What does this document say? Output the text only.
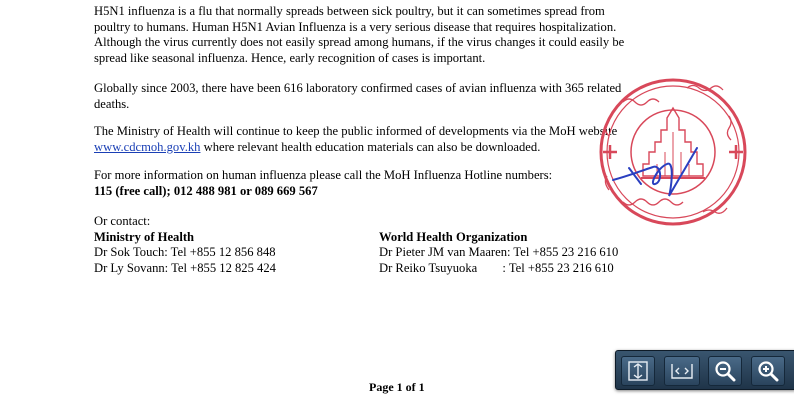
H5N1 influenza is a flu that normally spreads between sick poultry, but it can sometimes spread from
poultry to humans. Human H5N1 Avian Influenza is a very serious disease that requires hospitalization.
Although the virus currently does not easily spread among humans, if the virus changes it could easily be
spread like seasonal influenza. Hence, early recognition of cases is important.

Globally since 2003, there have been 616 laboratory confirmed cases of avian influenza with 365 related
deaths.

The Ministry of Health will continue to keep the public informed of developments via the MoH website
www.cdcmoh.gov.kh where relevant health education materials can also be downloaded.

For more information on human influenza please call the MoH Influenza Hotline numbers:
115 (free call); 012 488 981 or 089 669 567

Or contact:
Ministry of Health
Dr Sok Touch: Tel +855 12 856 848
Dr Ly Sovann: Tel +855 12 825 424
World Health Organization
Dr Pieter JM van Maaren: Tel +855 23 216 610
Dr Reiko Tsuyuoka        : Tel +855 23 216 610
Page 1 of 1
